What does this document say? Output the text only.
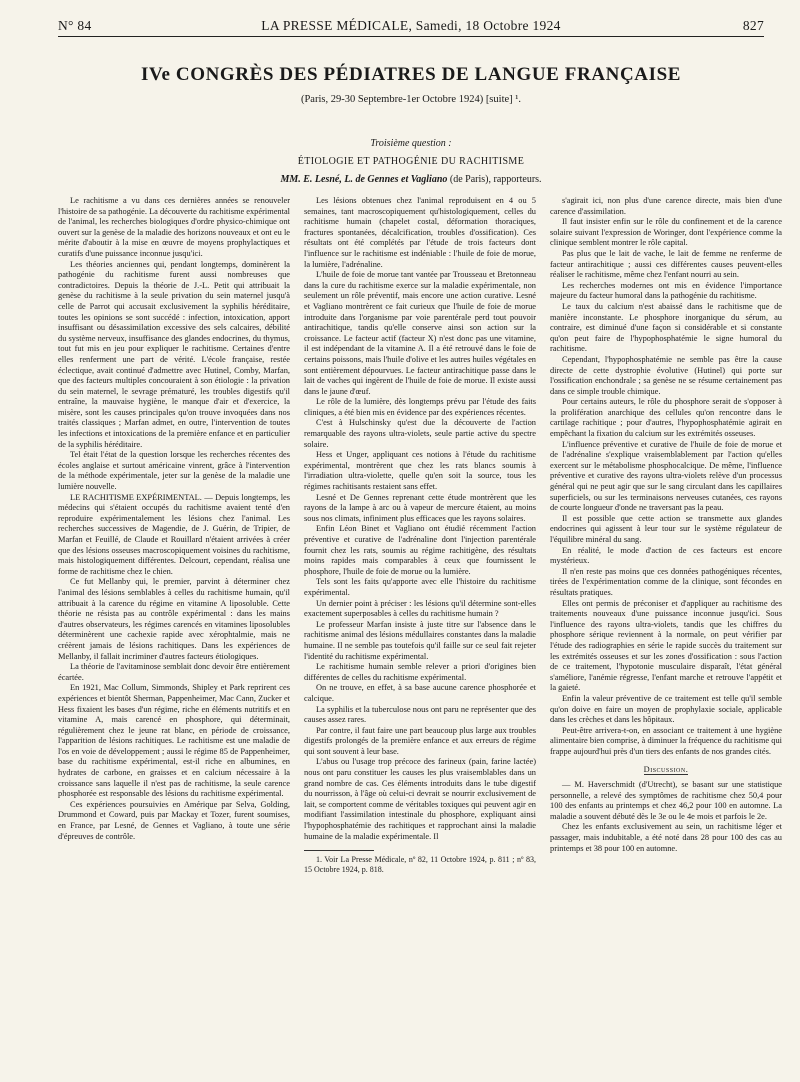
N° 84	LA PRESSE MÉDICALE, Samedi, 18 Octobre 1924	827
IVe CONGRÈS DES PÉDIATRES DE LANGUE FRANÇAISE
(Paris, 29-30 Septembre-1er Octobre 1924) [suite] ¹.
Troisième question :
ÉTIOLOGIE ET PATHOGÉNIE DU RACHITISME
MM. E. Lesné, L. de Gennes et Vagliano (de Paris), rapporteurs.

Le rachitisme a vu dans ces dernières années se renouveler l'histoire de sa pathogénie. La découverte du rachitisme expérimental de l'animal, les recherches biologiques d'ordre physico-chimique ont ouvert sur la genèse de la maladie des horizons nouveaux et ont eu le mérite d'aboutir à la mise en œuvre de moyens prophylactiques et curatifs d'une puissance inconnue jusqu'ici.

Les théories anciennes qui, pendant longtemps, dominèrent la pathogénie du rachitisme furent aussi nombreuses que contradictoires. Depuis la théorie de J.-L. Petit qui attribuait la genèse du rachitisme à la seule privation du sein maternel jusqu'à celle de Parrot qui accusait exclusivement la syphilis héréditaire, toutes les opinions se sont succédé : infection, intoxication, apport insuffisant ou désassimilation excessive des sels calcaires, débilité du système nerveux, insuffisance des glandes endocrines, du thymus, tout fut mis en jeu pour expliquer le rachitisme. Certaines d'entre elles renferment une part de vérité. L'école française, restée éclectique, avait continué d'admettre avec Hutinel, Comby, Marfan, que des facteurs multiples concouraient à son étiologie : la privation du sein maternel, le sevrage prématuré, les troubles digestifs qu'il entraîne, la mauvaise hygiène, le manque d'air et d'exercice, la misère, sont les causes principales qu'on trouve invoquées dans nos traités classiques ; Marfan admet, en outre, l'intervention de toutes les infections et intoxications de la première enfance et en particulier de la syphilis héréditaire.

Tel était l'état de la question lorsque les recherches récentes des écoles anglaise et surtout américaine vinrent, grâce à l'intervention de la méthode expérimentale, jeter sur la genèse de la maladie une lumière nouvelle.

LE RACHITISME EXPÉRIMENTAL. — Depuis longtemps, les médecins qui s'étaient occupés du rachitisme avaient tenté d'en reproduire expérimentalement les lésions chez l'animal. Les recherches successives de Magendie, de J. Guérin, de Tripier, de Marfan et Feuillé, de Claude et Rouillard n'étaient arrivées à créer que des lésions osseuses macroscopiquement voisines du rachitisme, mais histologiquement différentes. Delcourt, cependant, réalisa une forme de rachitisme chez le chien.

Ce fut Mellanby qui, le premier, parvint à déterminer chez l'animal des lésions semblables à celles du rachitisme humain, qu'il attribuait à la carence du régime en vitamine A liposoluble. Cette théorie ne résista pas au contrôle expérimental : dans les mains d'autres observateurs, les régimes carencés en vitamines liposolubles déterminèrent une cachexie rapide avec xérophtalmie, mais ne créèrent jamais de lésions rachitiques. Dans les expériences de Mellanby, il fallait incriminer d'autres facteurs étiologiques.

La théorie de l'avitaminose semblait donc devoir être entièrement écartée.

En 1921, Mac Collum, Simmonds, Shipley et Park reprirent ces expériences et bientôt Sherman, Pappenheimer, Mac Cann, Zucker et Hess fixaient les bases d'un régime, riche en éléments nutritifs et en vitamine A, mais carencé en phosphore, qui déterminait, régulièrement chez le jeune rat blanc, en période de croissance, l'apparition de lésions rachitiques. Le rachitisme est une maladie de l'os en voie de développement ; aussi le régime 85 de Pappenheimer, base du rachitisme expérimental, est-il riche en albumines, en hydrates de carbone, en graisses et en calcium nécessaire à la croissance sans laquelle il n'est pas de rachitisme, la seule carence phosphorée est responsable des lésions du rachitisme expérimental.

Ces expériences poursuivies en Amérique par Selva, Golding, Drummond et Coward, puis par Mackay et Tozer, furent soumises, en France, par Lesné, de Gennes et Vagliano, à toute une série d'épreuves de contrôle.

Les lésions obtenues chez l'animal reproduisent en 4 ou 5 semaines, tant macroscopiquement qu'histologiquement, celles du rachitisme humain (chapelet costal, déformation thoraciques, fractures spontanées, décalcification, troubles d'ossification). Ces résultats ont été complétés par l'étude de trois facteurs dont l'influence sur le rachitisme est indéniable : l'huile de foie de morue, la lumière, l'adrénaline.

L'huile de foie de morue tant vantée par Trousseau et Bretonneau dans la cure du rachitisme exerce sur la maladie expérimentale, non seulement un rôle préventif, mais encore une action curative. Lesné et Vagliano montrèrent ce fait curieux que l'huile de foie de morue introduite dans l'organisme par voie parentérale perd tout pouvoir antirachitique, tandis qu'elle conserve ainsi son action sur la croissance. Le facteur actif (facteur X) n'est donc pas une vitamine, il est indépendant de la vitamine A. Il a été retrouvé dans le foie de certains poissons, mais l'huile d'olive et les autres huiles végétales en sont entièrement dépourvues. Le facteur antirachitique passe dans le lait de vaches qui ingèrent de l'huile de foie de morue. Il existe aussi dans le jaune d'œuf.

Le rôle de la lumière, dès longtemps prévu par l'étude des faits cliniques, a été bien mis en évidence par des expériences récentes.

C'est à Hulschinsky qu'est due la découverte de l'action remarquable des rayons ultra-violets, seule partie active du spectre solaire.

Hess et Unger, appliquant ces notions à l'étude du rachitisme expérimental, montrèrent que chez les rats blancs soumis à l'irradiation ultra-violette, quelle qu'en soit la source, tous les régimes rachitisants restaient sans effet.

Lesné et De Gennes reprenant cette étude montrèrent que les rayons de la lampe à arc ou à vapeur de mercure étaient, au moins sous nos climats, infiniment plus efficaces que les rayons solaires.

Enfin Léon Binet et Vagliano ont étudié récemment l'action préventive et curative de l'adrénaline dont l'injection parentérale fournit chez les rats, soumis au régime rachitigène, des résultats moins rapides mais comparables à ceux que fournissent le phosphore, l'huile de foie de morue ou la lumière.

Tels sont les faits qu'apporte avec elle l'histoire du rachitisme expérimental.

Un dernier point à préciser : les lésions qu'il détermine sont-elles exactement superposables à celles du rachitisme humain ?

Le professeur Marfan insiste à juste titre sur l'absence dans le rachitisme animal des lésions médullaires constantes dans la maladie humaine. Il ne semble pas toutefois qu'il faille sur ce seul fait rejeter l'identité du rachitisme expérimental.

Le rachitisme humain semble relever a priori d'origines bien différentes de celles du rachitisme expérimental.

On ne trouve, en effet, à sa base aucune carence phosphorée et calcique.

La syphilis et la tuberculose nous ont paru ne représenter que des causes assez rares.

Par contre, il faut faire une part beaucoup plus large aux troubles digestifs prolongés de la première enfance et aux erreurs de régime qui sont souvent à leur base.

L'abus ou l'usage trop précoce des farineux (pain, farine lactée) nous ont paru constituer les causes les plus vraisemblables dans un grand nombre de cas. Ces éléments introduits dans le tube digestif du nourrisson, à l'âge où celui-ci devrait se nourrir exclusivement de lait, se comportent comme de véritables toxiques qui peuvent agir en modifiant l'assimilation intestinale du phosphore, expliquant ainsi l'hypophosphatémie des rachitiques et rapprochant ainsi la maladie humaine de la maladie expérimentale. Il

1. Voir La Presse Médicale, nº 82, 11 Octobre 1924, p. 811 ; nº 83, 15 Octobre 1924, p. 818.

s'agirait ici, non plus d'une carence directe, mais bien d'une carence d'assimilation.

Il faut insister enfin sur le rôle du confinement et de la carence solaire suivant l'expression de Woringer, dont l'expérience comme la clinique semblent montrer le rôle capital.

Pas plus que le lait de vache, le lait de femme ne renferme de facteur antirachitique ; aussi ces différentes causes peuvent-elles réaliser le rachitisme, même chez l'enfant nourri au sein.

Les recherches modernes ont mis en évidence l'importance majeure du facteur humoral dans la pathogénie du rachitisme.

Le taux du calcium n'est abaissé dans le rachitisme que de manière inconstante. Le phosphore inorganique du sérum, au contraire, est diminué d'une façon si considérable et si constante qu'on peut faire de l'hypophosphatémie le signe humoral du rachitisme.

Cependant, l'hypophosphatémie ne semble pas être la cause directe de cette dystrophie évolutive (Hutinel) qui porte sur l'ossification enchondrale ; sa genèse ne se résume certainement pas dans ce simple trouble chimique.

Pour certains auteurs, le rôle du phosphore serait de s'opposer à la prolifération anarchique des cellules qu'on rencontre dans le cartilage rachitique ; pour d'autres, l'hypophosphatémie agirait en empêchant la fixation du calcium sur les extrémités osseuses.

L'influence préventive et curative de l'huile de foie de morue et de l'adrénaline s'explique vraisemblablement par l'action qu'elles exercent sur le métabolisme phosphocalcique. De même, l'influence préventive et curative des rayons ultra-violets relève d'un processus général qui ne peut agir que sur le sang circulant dans les capillaires superficiels, ou sur les terminaisons nerveuses cutanées, ces rayons de courte longueur d'onde ne traversant pas la peau.

Il est possible que cette action se transmette aux glandes endocrines qui agissent à leur tour sur le système régulateur de l'équilibre minéral du sang.

En réalité, le mode d'action de ces facteurs est encore mystérieux.

Il n'en reste pas moins que ces données pathogéniques récentes, tirées de l'expérimentation comme de la clinique, sont fécondes en résultats pratiques.

Elles ont permis de préconiser et d'appliquer au rachitisme des traitements nouveaux d'une puissance inconnue jusqu'ici. Sous l'influence des rayons ultra-violets, tandis que les chiffres du phosphore sérique reviennent à la normale, on peut vérifier par l'étude des radiographies en série le rapide succès du traitement sur les extrémités osseuses et sur les zones d'ossification : sous l'action de ce traitement, l'hypotonie musculaire disparaît, l'état général s'améliore, l'anémie régresse, l'enfant marche et retrouve l'appétit et la gaieté.

Enfin la valeur préventive de ce traitement est telle qu'il semble qu'on doive en faire un moyen de prophylaxie sociale, applicable dans les crèches et dans les hôpitaux.

Peut-être arrivera-t-on, en associant ce traitement à une hygiène alimentaire bien comprise, à diminuer la fréquence du rachitisme qui frappe aujourd'hui près d'un tiers des enfants de nos grandes cités.

Discussion.

— M. Haverschmidt (d'Utrecht), se basant sur une statistique personnelle, a relevé des symptômes de rachitisme chez 50,4 pour 100 des enfants au printemps et chez 46,2 pour 100 en automne. La maladie a souvent débuté dès le 3e ou le 4e mois et parfois le 2e.

Chez les enfants exclusivement au sein, un rachitisme léger et passager, mais indubitable, a été noté dans 28 pour 100 des cas au printemps et 38 pour 100 en automne.
